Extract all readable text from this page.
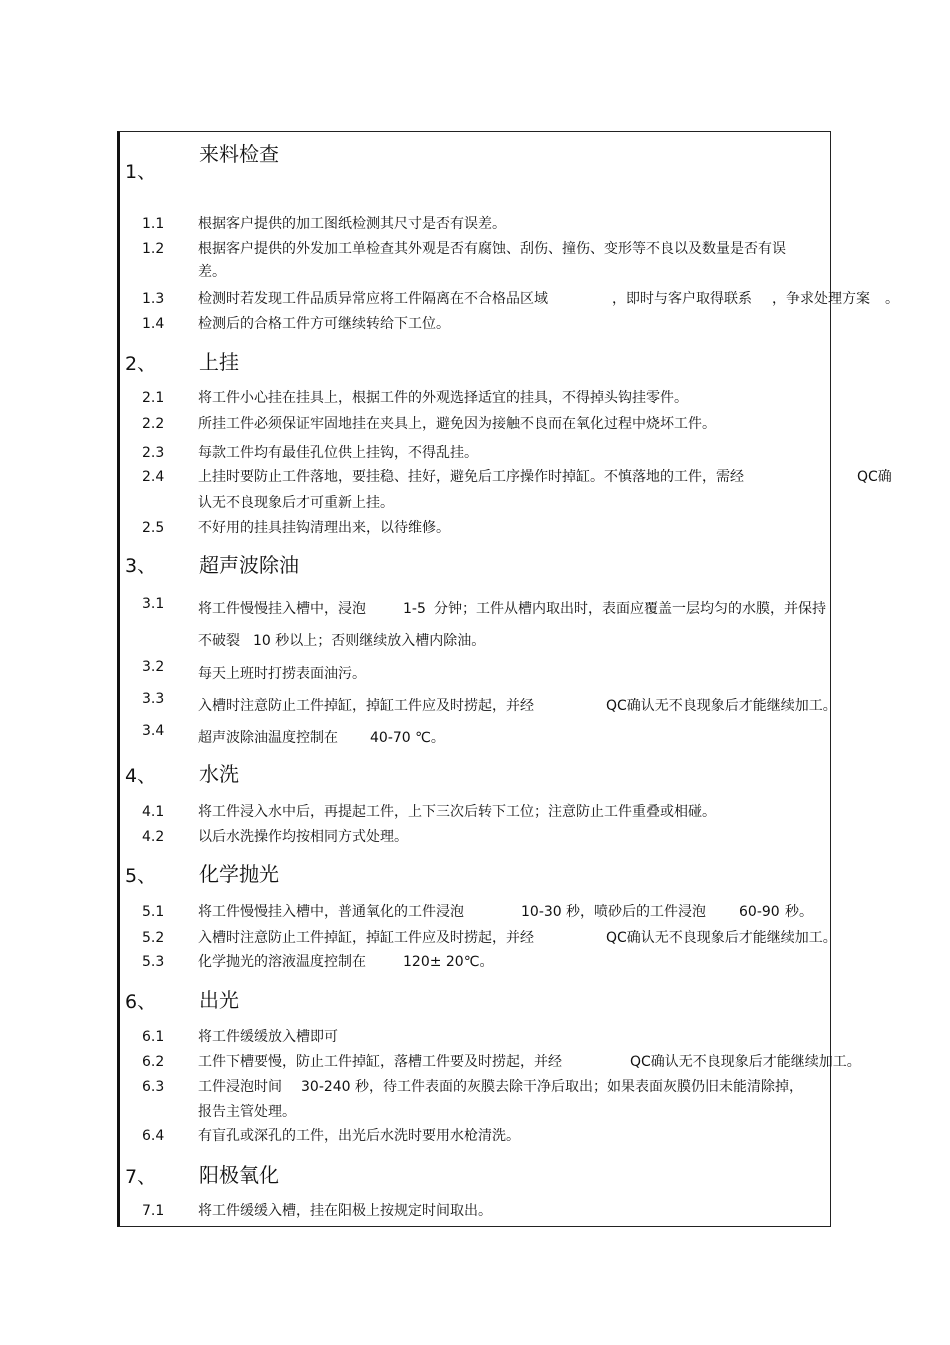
1、
来料检查
1.1 根据客户提供的加工图纸检测其尺寸是否有误差。
1.2 根据客户提供的外发加工单检查其外观是否有腐蚀、刮伤、撞伤、变形等不良以及数量是否有误
差。
1.3 检测时若发现工件品质异常应将工件隔离在不合格品区域	，即时与客户取得联系 ，争求处理方案 。
1.4 检测后的合格工件方可继续转给下工位。
2、 上挂
2.1 将工件小心挂在挂具上，根据工件的外观选择适宜的挂具，不得掉头钩挂零件。
2.2 所挂工件必须保证牢固地挂在夹具上，避免因为接触不良而在氧化过程中烧坏工件。
2.3 每款工件均有最佳孔位供上挂钩，不得乱挂。
2.4 上挂时要防止工件落地，要挂稳、挂好，避免后工序操作时掉缸。不慎落地的工件，需经	QC确
认无不良现象后才可重新上挂。
2.5 不好用的挂具挂钩清理出来，以待维修。
3、 超声波除油
3.1 将工件慢慢挂入槽中，浸泡	1-5 分钟；工件从槽内取出时，表面应覆盖一层均匀的水膜，并保持
不破裂 10 秒以上；否则继续放入槽内除油。
3.2 每天上班时打捞表面油污。
3.3 入槽时注意防止工件掉缸，掉缸工件应及时捞起，并经	QC确认无不良现象后才能继续加工。
3.4 超声波除油温度控制在 40-70 ℃。
4、 水洗
4.1 将工件浸入水中后，再提起工件，上下三次后转下工位；注意防止工件重叠或相碰。
4.2 以后水洗操作均按相同方式处理。
5、 化学抛光
5.1 将工件慢慢挂入槽中，普通氧化的工件浸泡	10-30 秒，喷砂后的工件浸泡 60-90 秒。
5.2 入槽时注意防止工件掉缸，掉缸工件应及时捞起，并经	QC确认无不良现象后才能继续加工。
5.3 化学抛光的溶液温度控制在	120± 20℃。
6、 出光
6.1 将工件缓缓放入槽即可
6.2 工件下槽要慢，防止工件掉缸，落槽工件要及时捞起，并经	QC确认无不良现象后才能继续加工。
6.3 工件浸泡时间 30-240 秒，待工件表面的灰膜去除干净后取出；如果表面灰膜仍旧未能清除掉，
报告主管处理。
6.4 有盲孔或深孔的工件，出光后水洗时要用水枪清洗。
7、 阳极氧化
7.1 将工件缓缓入槽，挂在阳极上按规定时间取出。
